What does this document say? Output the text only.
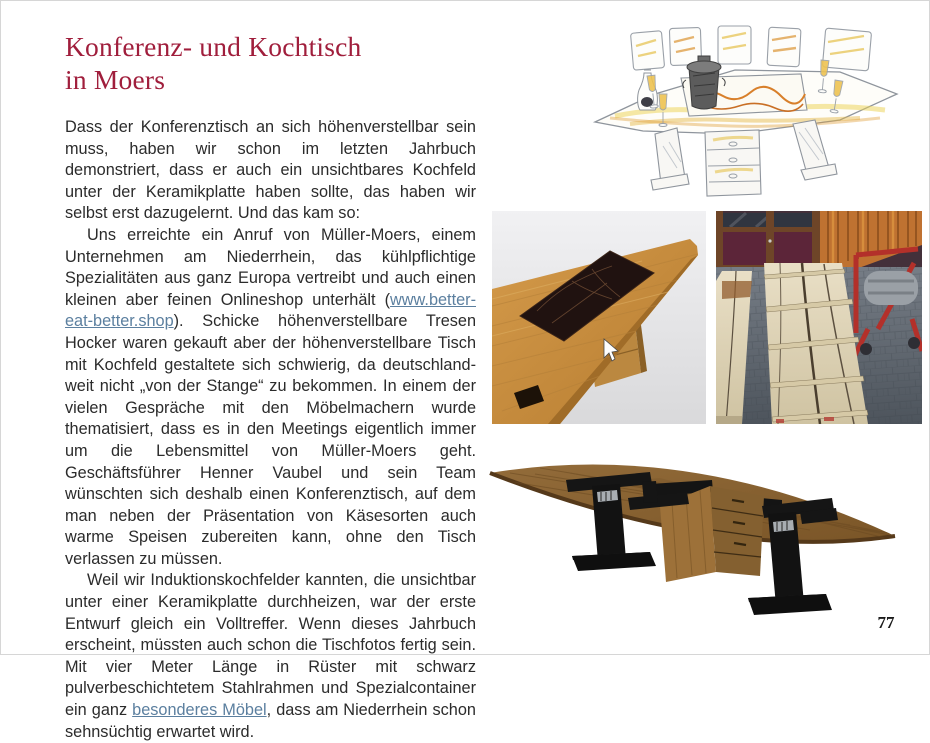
Konferenz- und Kochtisch
in Moers

Dass der Konferenztisch an sich höhenverstellbar sein muss, haben wir schon im letzten Jahrbuch demonstriert, dass er auch ein unsichtbares Kochfeld unter der Keramikplatte haben sollte, das haben wir selbst erst dazugelernt. Und das kam so:

Uns erreichte ein Anruf von Müller-Moers, einem Unternehmen am Niederrhein, das kühlpflichtige Spezialitäten aus ganz Europa vertreibt und auch einen kleinen aber feinen Onlineshop unterhält (www.better-eat-better.shop). Schicke höhenverstellbare Tresen Hocker waren gekauft aber der höhenverstellbare Tisch mit Kochfeld gestaltete sich schwierig, da deutschlandweit nicht „von der Stange“ zu bekommen. In einem der vielen Gespräche mit den Möbelmachern wurde thematisiert, dass es in den Meetings eigentlich immer um die Lebensmittel von Müller-Moers geht. Geschäftsführer Henner Vaubel und sein Team wünschten sich deshalb einen Konferenztisch, auf dem man neben der Präsentation von Käsesorten auch warme Speisen zubereiten kann, ohne den Tisch verlassen zu müssen.

Weil wir Induktionskochfelder kannten, die unsichtbar unter einer Keramikplatte durchheizen, war der erste Entwurf gleich ein Volltreffer. Wenn dieses Jahrbuch erscheint, müssten auch schon die Tischfotos fertig sein. Mit vier Meter Länge in Rüster mit schwarz pulverbeschichtetem Stahlrahmen und Spezialcontainer ein ganz besonderes Möbel, dass am Niederrhein schon sehnsüchtig erwartet wird.

77
